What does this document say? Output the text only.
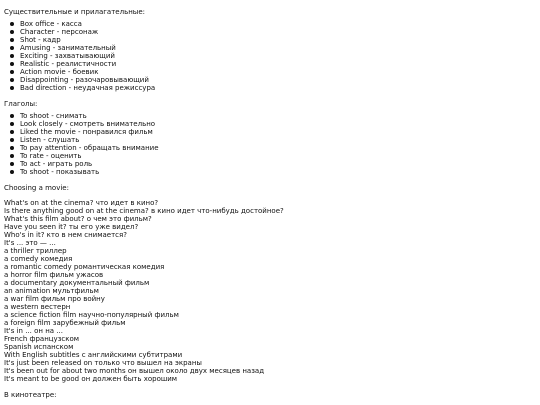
Существительные и прилагательные:
Box office - касса
Character - персонаж
Shot - кадр
Amusing - занимательный
Exciting - захватывающий
Realistic - реалистичности
Action movie - боевик
Disappointing - разочаровывающий
Bad direction - неудачная режиссура
Глаголы:
To shoot - снимать
Look closely - смотреть внимательно
Liked the movie - понравился фильм
Listen - слушать
To pay attention - обращать внимание
To rate - оценить
To act - играть роль
To shoot - показывать
Choosing a movie:
What's on at the cinema? что идет в кино?
Is there anything good on at the cinema? в кино идет что-нибудь достойное?
What's this film about? о чем это фильм?
Have you seen it? ты его уже видел?
Who's in it? кто в нем снимается?
It's ... это — ...
a thriller триллер
a comedy комедия
a romantic comedy романтическая комедия
a horror film фильм ужасов
a documentary документальный фильм
an animation мультфильм
a war film фильм про войну
a western вестерн
a science fiction film научно-популярный фильм
a foreign film зарубежный фильм
It's in ... он на ...
French французском
Spanish испанском
With English subtitles с английскими субтитрами
It's just been released on только что вышел на экраны
It's been out for about two months он вышел около двух месяцев назад
It's meant to be good он должен быть хорошим
В кинотеатре:
